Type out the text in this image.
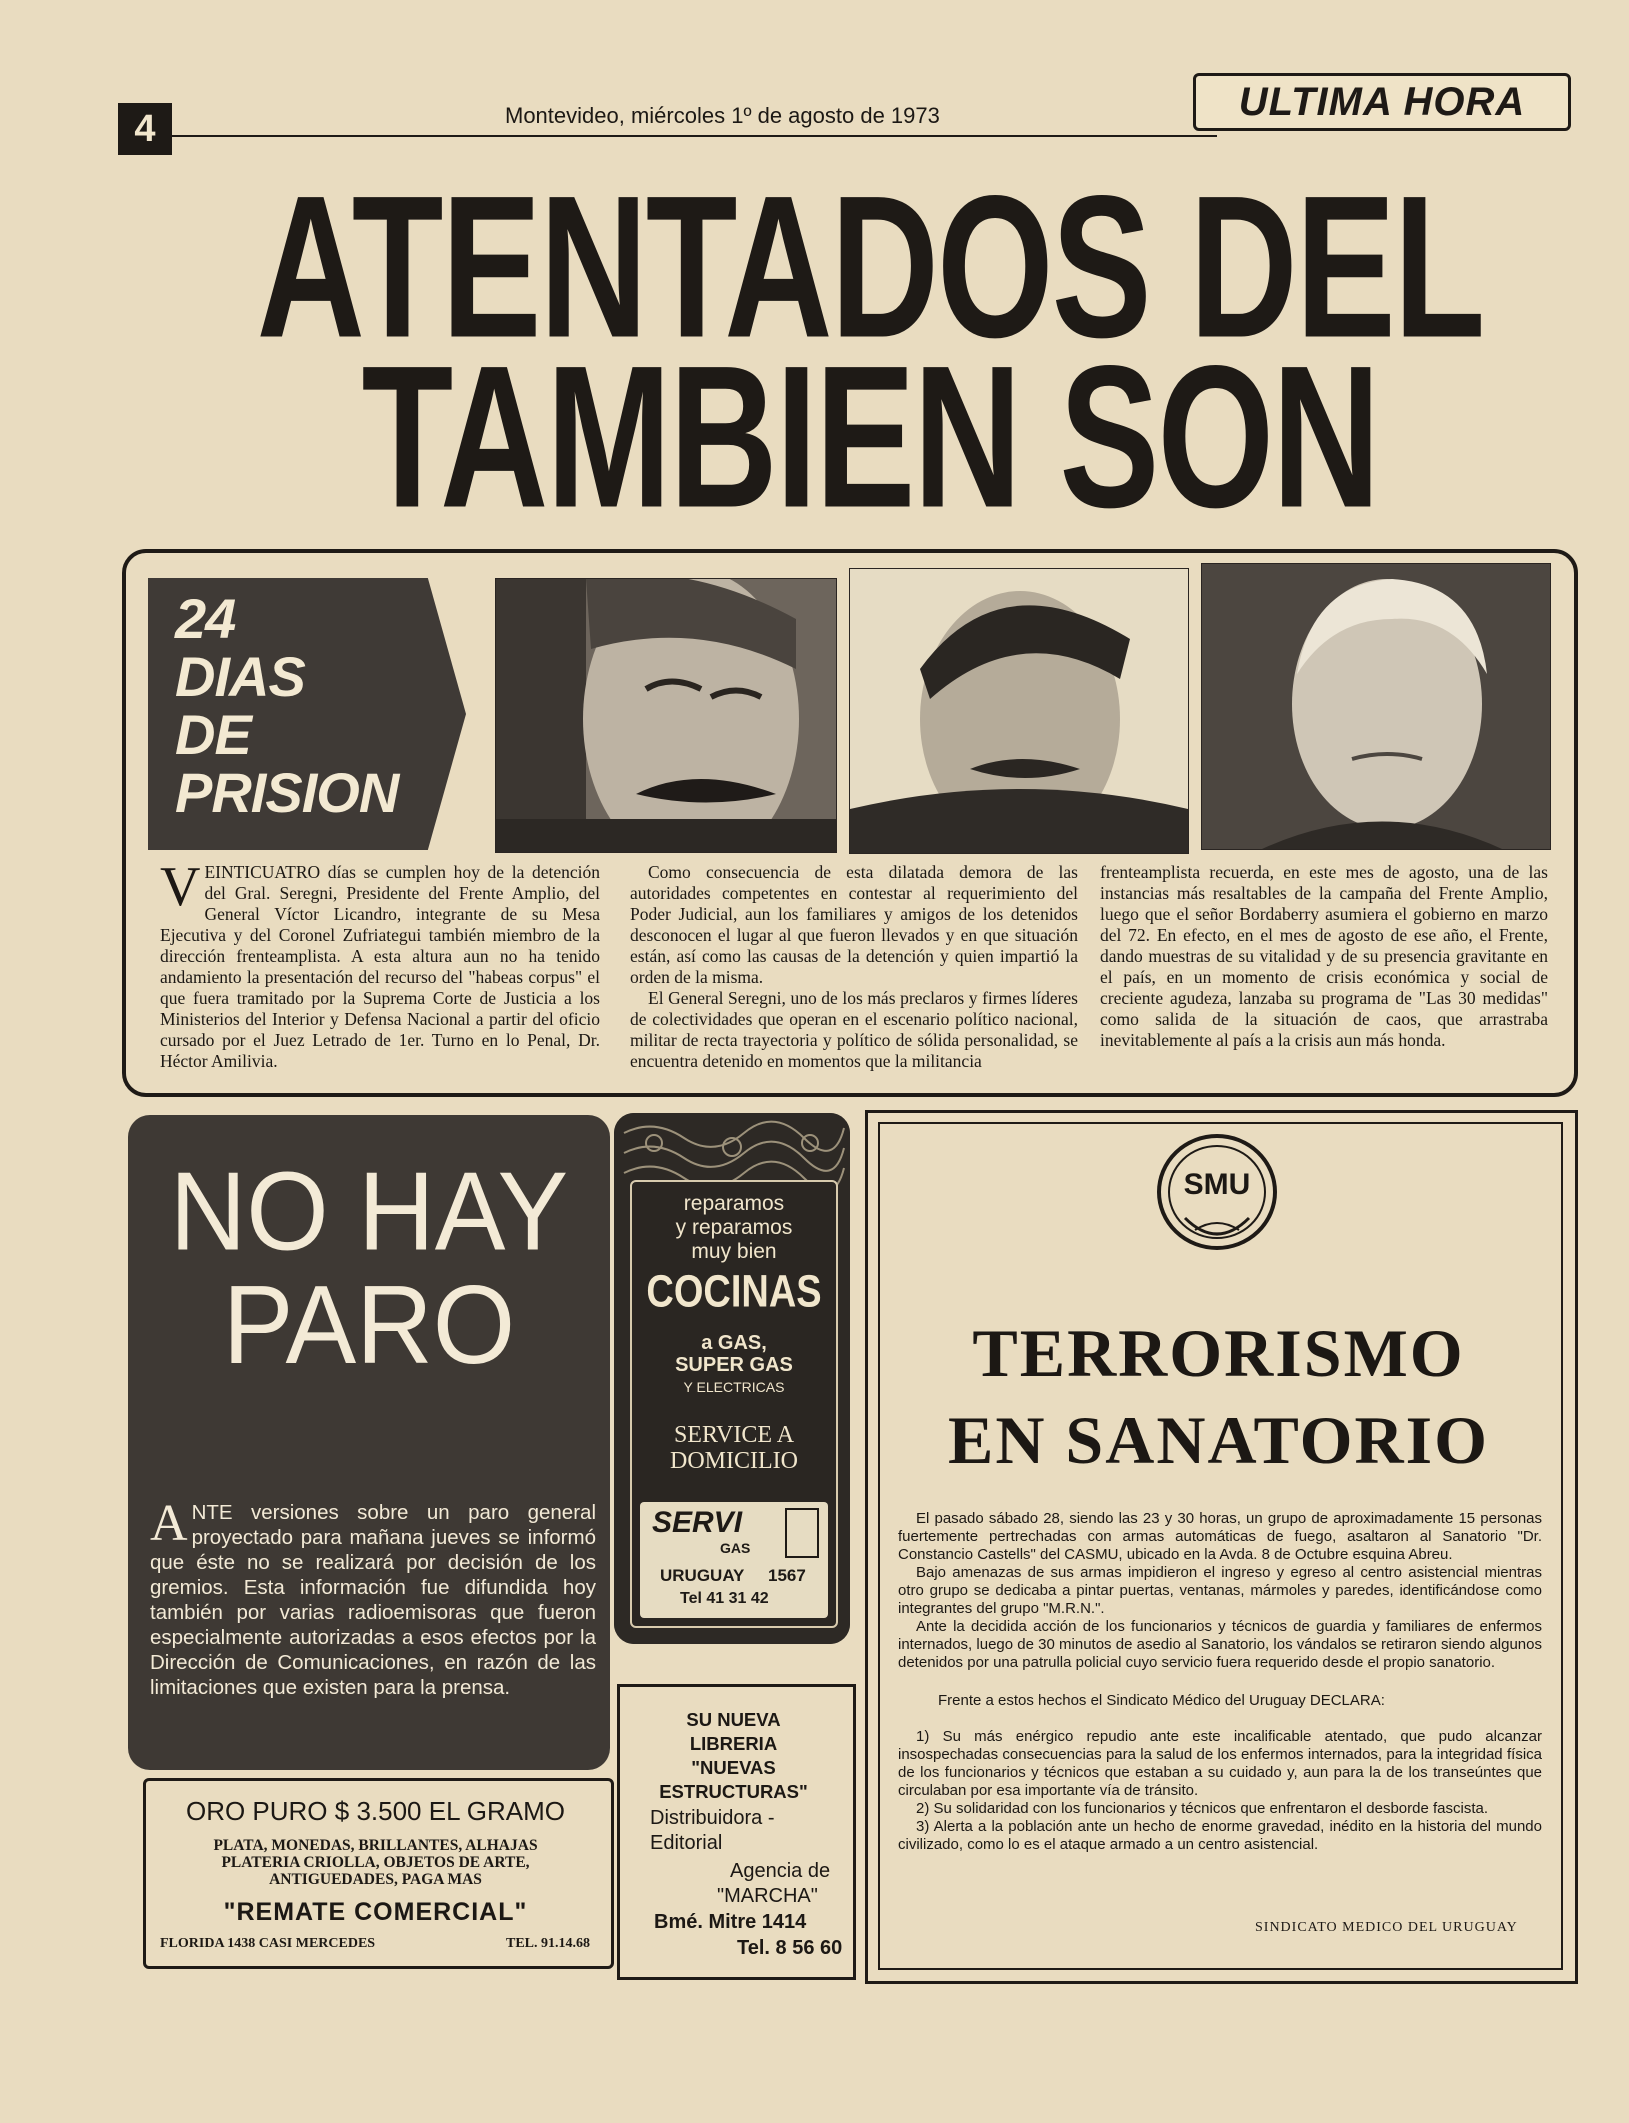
4	Montevideo, miércoles 1º de agosto de 1973	ULTIMA HORA
ATENTADOS DEL
TAMBIEN SON
24
DIAS
DE
PRISION
VEINTICUATRO días se cumplen hoy de la detención del Gral. Seregni, Presidente del Frente Amplio, del General Víctor Licandro, integrante de su Mesa Ejecutiva y del Coronel Zufriategui también miembro de la dirección frenteamplista. A esta altura aun no ha tenido andamiento la presentación del recurso del "habeas corpus" el que fuera tramitado por la Suprema Corte de Justicia a los Ministerios del Interior y Defensa Nacional a partir del oficio cursado por el Juez Letrado de 1er. Turno en lo Penal, Dr. Héctor Amilivia.
Como consecuencia de esta dilatada demora de las autoridades competentes en contestar al requerimiento del Poder Judicial, aun los familiares y amigos de los detenidos desconocen el lugar al que fueron llevados y en que situación están, así como las causas de la detención y quien impartió la orden de la misma.
El General Seregni, uno de los más preclaros y firmes líderes de colectividades que operan en el escenario político nacional, militar de recta trayectoria y político de sólida personalidad, se encuentra detenido en momentos que la militancia
frenteamplista recuerda, en este mes de agosto, una de las instancias más resaltables de la campaña del Frente Amplio, luego que el señor Bordaberry asumiera el gobierno en marzo del 72. En efecto, en el mes de agosto de ese año, el Frente, dando muestras de su vitalidad y de su presencia gravitante en el país, en un momento de crisis económica y social de creciente agudeza, lanzaba su programa de "Las 30 medidas" como salida de la situación de caos, que arrastraba inevitablemente al país a la crisis aun más honda.
NO HAY
PARO
ANTE versiones sobre un paro general proyectado para mañana jueves se informó que éste no se realizará por decisión de los gremios. Esta información fue difundida hoy también por varias radioemisoras que fueron especialmente autorizadas a esos efectos por la Dirección de Comunicaciones, en razón de las limitaciones que existen para la prensa.
ORO PURO $ 3.500 EL GRAMO
PLATA, MONEDAS, BRILLANTES, ALHAJAS
PLATERIA CRIOLLA, OBJETOS DE ARTE,
ANTIGUEDADES, PAGA MAS
"REMATE COMERCIAL"
FLORIDA 1438 CASI MERCEDES	TEL. 91.14.68
reparamos
y reparamos
muy bien
COCINAS
a GAS,
SUPER GAS
Y ELECTRICAS
SERVICE A
DOMICILIO
SERVI
GAS
URUGUAY 1567
Tel 41 31 42
SU NUEVA
LIBRERIA
"NUEVAS
ESTRUCTURAS"
Distribuidora -
Editorial
Agencia de
"MARCHA"
Bmé. Mitre 1414
Tel. 8 56 60
SMU
TERRORISMO
EN SANATORIO

El pasado sábado 28, siendo las 23 y 30 horas, un grupo de aproximadamente 15 personas fuertemente pertrechadas con armas automáticas de fuego, asaltaron al Sanatorio "Dr. Constancio Castells" del CASMU, ubicado en la Avda. 8 de Octubre esquina Abreu.

Bajo amenazas de sus armas impidieron el ingreso y egreso al centro asistencial mientras otro grupo se dedicaba a pintar puertas, ventanas, mármoles y paredes, identificándose como integrantes del grupo "M.R.N.".

Ante la decidida acción de los funcionarios y técnicos de guardia y familiares de enfermos internados, luego de 30 minutos de asedio al Sanatorio, los vándalos se retiraron siendo algunos detenidos por una patrulla policial cuyo servicio fuera requerido desde el propio sanatorio.

Frente a estos hechos el Sindicato Médico del Uruguay DECLARA:

1) Su más enérgico repudio ante este incalificable atentado, que pudo alcanzar insospechadas consecuencias para la salud de los enfermos internados, para la integridad física de los funcionarios y técnicos que estaban a su cuidado y, aun para la de los transeúntes que circulaban por esa importante vía de tránsito.

2) Su solidaridad con los funcionarios y técnicos que enfrentaron el desborde fascista.

3) Alerta a la población ante un hecho de enorme gravedad, inédito en la historia del mundo civilizado, como lo es el ataque armado a un centro asistencial.

SINDICATO MEDICO DEL URUGUAY
